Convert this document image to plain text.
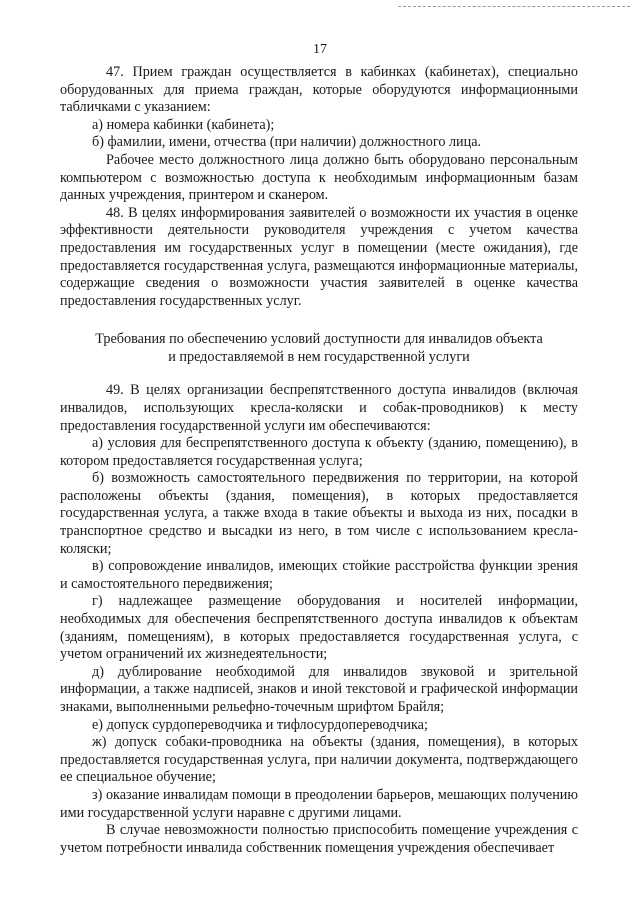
17

47. Прием граждан осуществляется в кабинках (кабинетах), специально оборудованных для приема граждан, которые оборудуются информационными табличками с указанием:

а) номера кабинки (кабинета);

б) фамилии, имени, отчества (при наличии) должностного лица.

Рабочее место должностного лица должно быть оборудовано персональным компьютером с возможностью доступа к необходимым информационным базам данных учреждения, принтером и сканером.

48. В целях информирования заявителей о возможности их участия в оценке эффективности деятельности руководителя учреждения с учетом качества предоставления им государственных услуг в помещении (месте ожидания), где предоставляется государственная услуга, размещаются информационные материалы, содержащие сведения о возможности участия заявителей в оценке качества предоставления государственных услуг.

Требования по обеспечению условий доступности для инвалидов объекта
и предоставляемой в нем государственной услуги

49. В целях организации беспрепятственного доступа инвалидов (включая инвалидов, использующих кресла-коляски и собак-проводников) к месту предоставления государственной услуги им обеспечиваются:

а) условия для беспрепятственного доступа к объекту (зданию, помещению), в котором предоставляется государственная услуга;

б) возможность самостоятельного передвижения по территории, на которой расположены объекты (здания, помещения), в которых предоставляется государственная услуга, а также входа в такие объекты и выхода из них, посадки в транспортное средство и высадки из него, в том числе с использованием кресла-коляски;

в) сопровождение инвалидов, имеющих стойкие расстройства функции зрения и самостоятельного передвижения;

г) надлежащее размещение оборудования и носителей информации, необходимых для обеспечения беспрепятственного доступа инвалидов к объектам (зданиям, помещениям), в которых предоставляется государственная услуга, с учетом ограничений их жизнедеятельности;

д) дублирование необходимой для инвалидов звуковой и зрительной информации, а также надписей, знаков и иной текстовой и графической информации знаками, выполненными рельефно-точечным шрифтом Брайля;

е) допуск сурдопереводчика и тифлосурдопереводчика;

ж) допуск собаки-проводника на объекты (здания, помещения), в которых предоставляется государственная услуга, при наличии документа, подтверждающего ее специальное обучение;

з) оказание инвалидам помощи в преодолении барьеров, мешающих получению ими государственной услуги наравне с другими лицами.

В случае невозможности полностью приспособить помещение учреждения с учетом потребности инвалида собственник помещения учреждения обеспечивает
